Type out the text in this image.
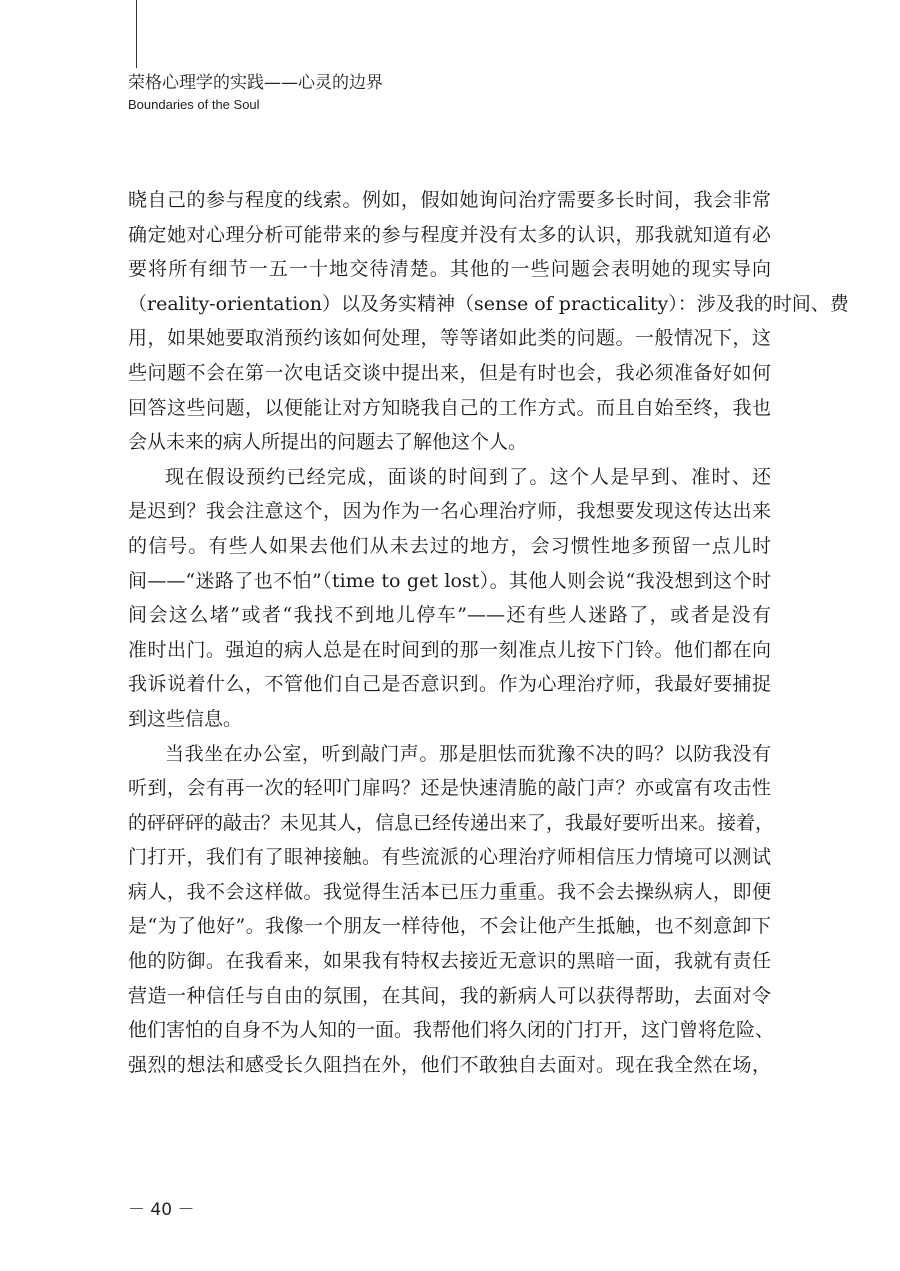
荣格心理学的实践——心灵的边界
Boundaries of the Soul
晓自己的参与程度的线索。例如，假如她询问治疗需要多长时间，我会非常
确定她对心理分析可能带来的参与程度并没有太多的认识，那我就知道有必
要将所有细节一五一十地交待清楚。其他的一些问题会表明她的现实导向
（reality-orientation）以及务实精神（sense of practicality）：涉及我的时间、费
用，如果她要取消预约该如何处理，等等诸如此类的问题。一般情况下，这
些问题不会在第一次电话交谈中提出来，但是有时也会，我必须准备好如何
回答这些问题，以便能让对方知晓我自己的工作方式。而且自始至终，我也
会从未来的病人所提出的问题去了解他这个人。
现在假设预约已经完成，面谈的时间到了。这个人是早到、准时、还
是迟到？我会注意这个，因为作为一名心理治疗师，我想要发现这传达出来
的信号。有些人如果去他们从未去过的地方，会习惯性地多预留一点儿时
间——“迷路了也不怕”（time to get lost）。其他人则会说“我没想到这个时
间会这么堵”或者“我找不到地儿停车”——还有些人迷路了，或者是没有
准时出门。强迫的病人总是在时间到的那一刻准点儿按下门铃。他们都在向
我诉说着什么，不管他们自己是否意识到。作为心理治疗师，我最好要捕捉
到这些信息。
当我坐在办公室，听到敲门声。那是胆怯而犹豫不决的吗？以防我没有
听到，会有再一次的轻叩门扉吗？还是快速清脆的敲门声？亦或富有攻击性
的砰砰砰的敲击？未见其人，信息已经传递出来了，我最好要听出来。接着，
门打开，我们有了眼神接触。有些流派的心理治疗师相信压力情境可以测试
病人，我不会这样做。我觉得生活本已压力重重。我不会去操纵病人，即便
是“为了他好”。我像一个朋友一样待他，不会让他产生抵触，也不刻意卸下
他的防御。在我看来，如果我有特权去接近无意识的黑暗一面，我就有责任
营造一种信任与自由的氛围，在其间，我的新病人可以获得帮助，去面对令
他们害怕的自身不为人知的一面。我帮他们将久闭的门打开，这门曾将危险、
强烈的想法和感受长久阻挡在外，他们不敢独自去面对。现在我全然在场，
－ 40 －
